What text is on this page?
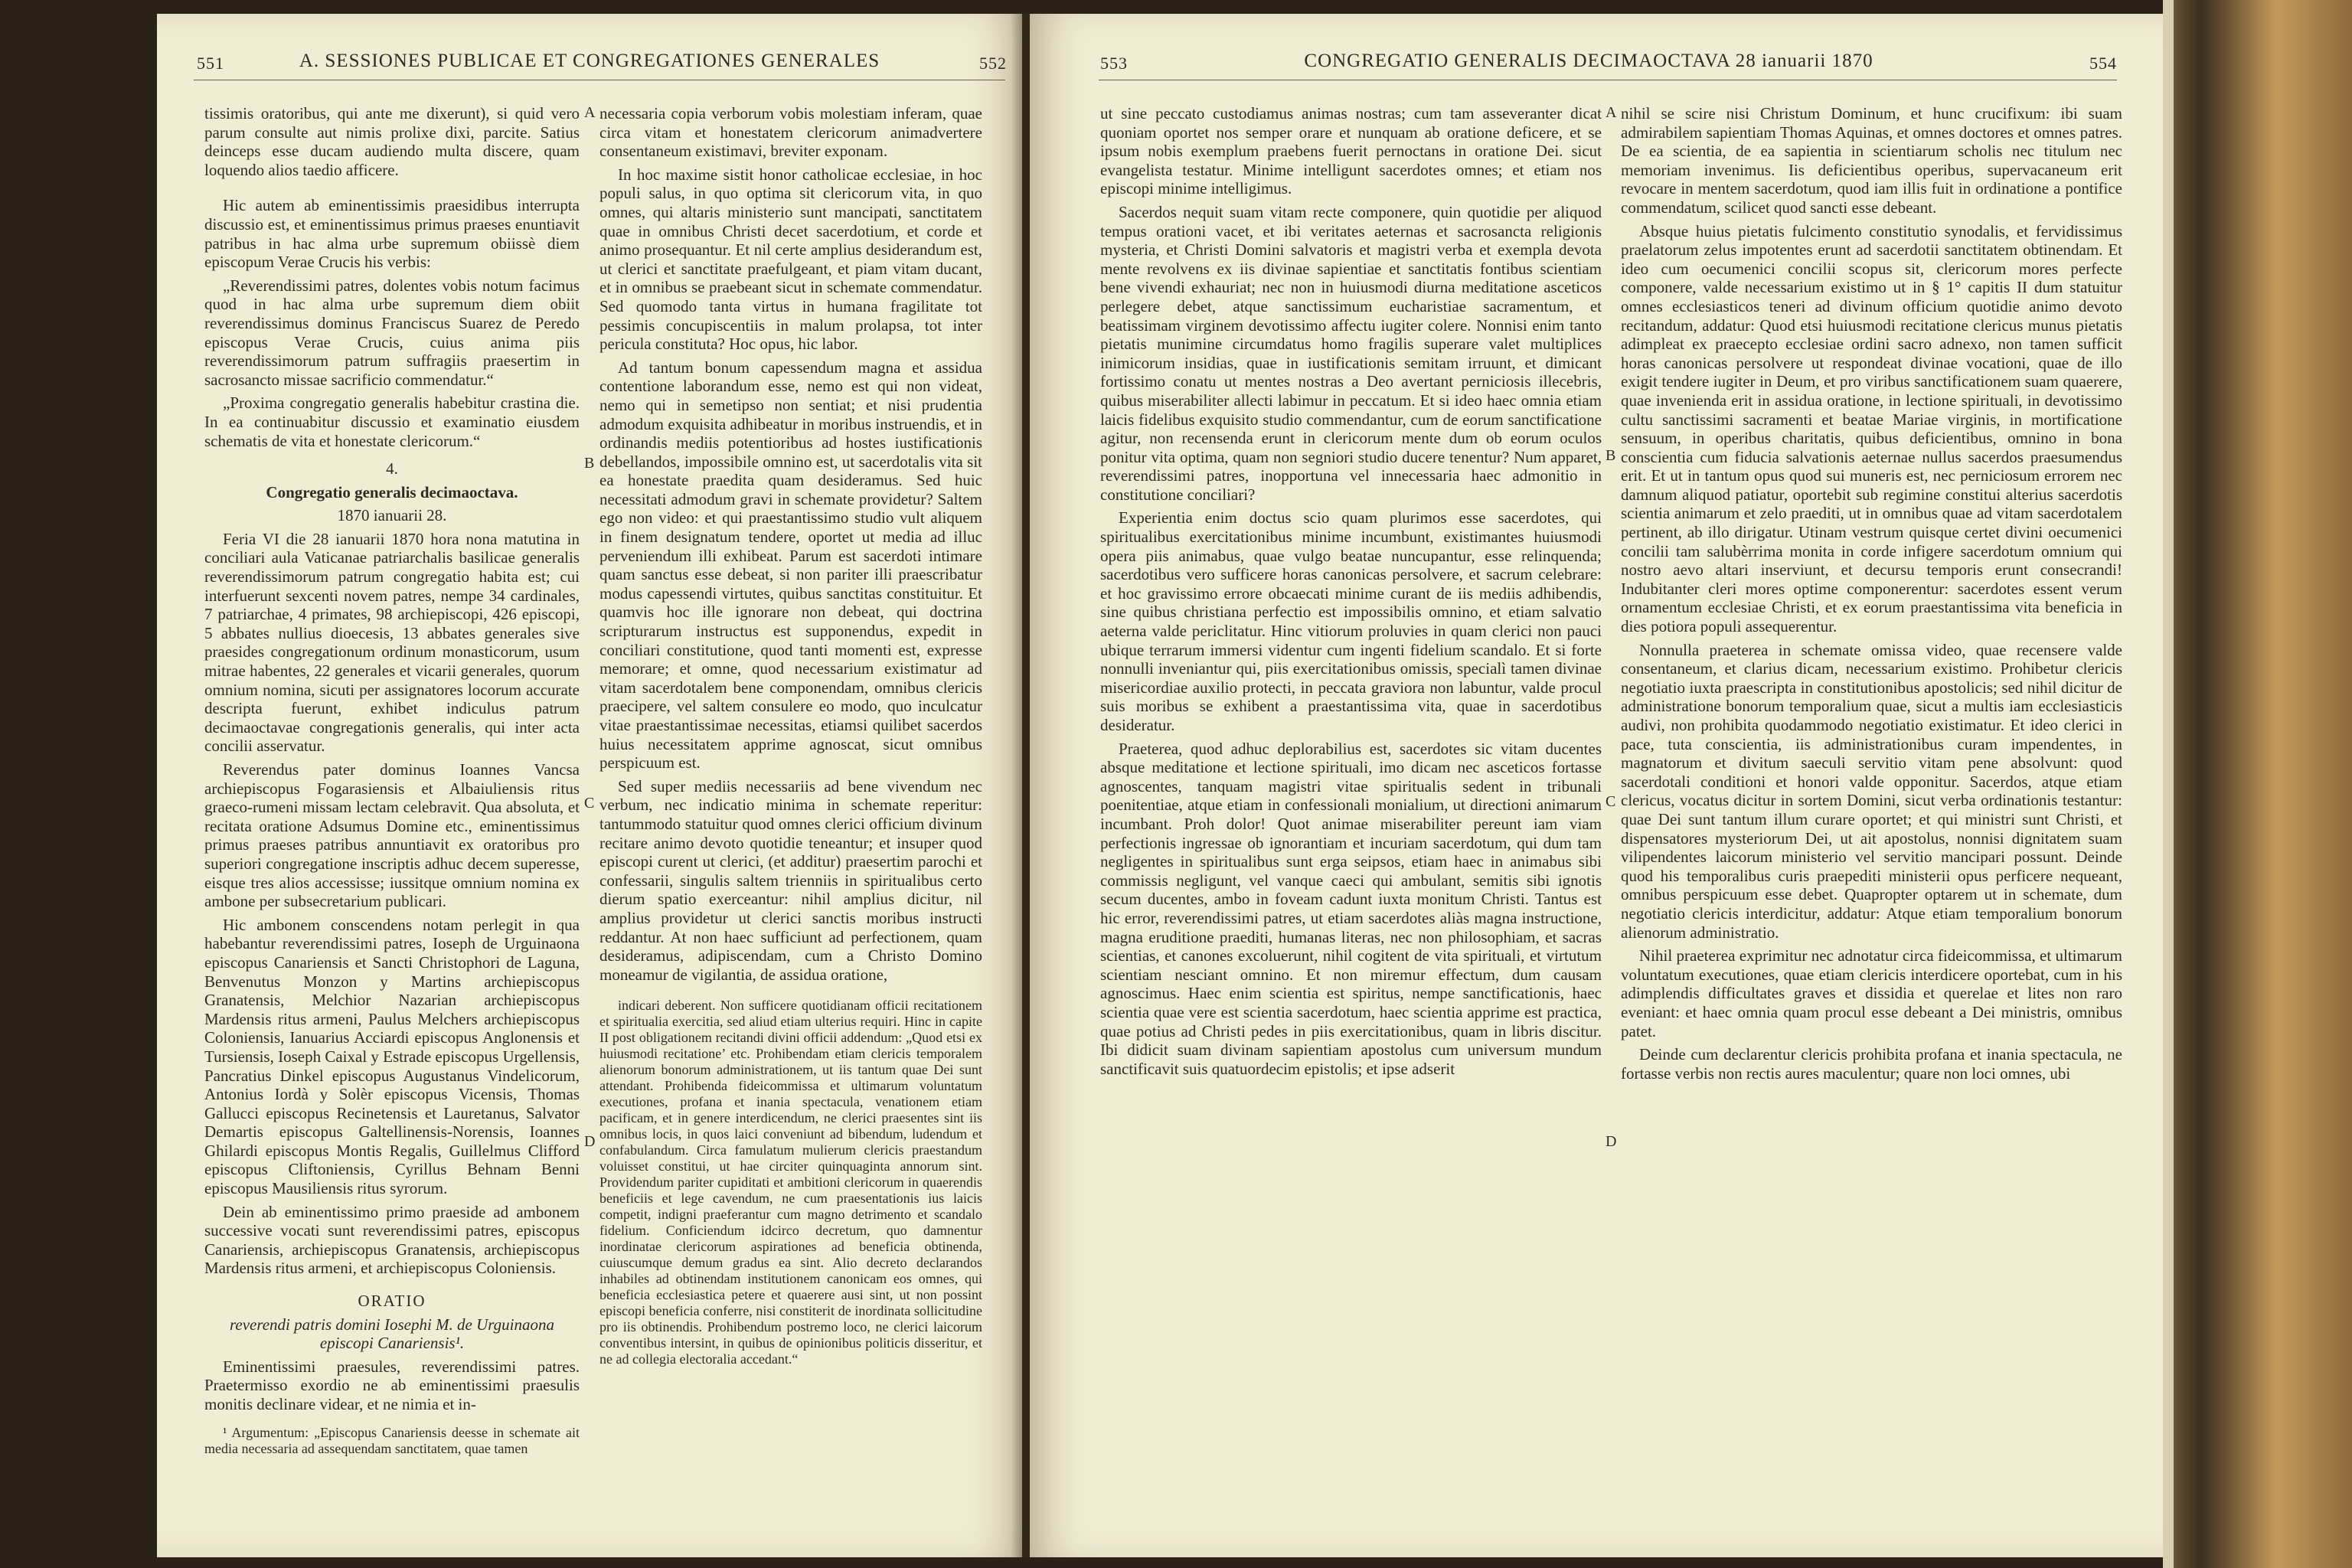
551	A. SESSIONES PUBLICAE ET CONGREGATIONES GENERALES	552

tissimis oratoribus, qui ante me dixerunt), si quid vero parum consulte aut nimis prolixe dixi, parcite. Satius deinceps esse ducam audiendo multa discere, quam loquendo alios taedio afficere.

Hic autem ab eminentissimis praesidibus interrupta discussio est, et eminentissimus primus praeses enuntiavit patribus in hac alma urbe supremum obiissè diem episcopum Verae Crucis his verbis:

„Reverendissimi patres, dolentes vobis notum facimus quod in hac alma urbe supremum diem obiit reverendissimus dominus Franciscus Suarez de Peredo episcopus Verae Crucis, cuius anima piis reverendissimorum patrum suffragiis praesertim in sacrosancto missae sacrificio commendatur.“

„Proxima congregatio generalis habebitur crastina die. In ea continuabitur discussio et examinatio eiusdem schematis de vita et honestate clericorum.“

4.

Congregatio generalis decimaoctava.

1870 ianuarii 28.

Feria VI die 28 ianuarii 1870 hora nona matutina in conciliari aula Vaticanae patriarchalis basilicae generalis reverendissimorum patrum congregatio habita est; cui interfuerunt sexcenti novem patres, nempe 34 cardinales, 7 patriarchae, 4 primates, 98 archiepiscopi, 426 episcopi, 5 abbates nullius dioecesis, 13 abbates generales sive praesides congregationum ordinum monasticorum, usum mitrae habentes, 22 generales et vicarii generales, quorum omnium nomina, sicuti per assignatores locorum accurate descripta fuerunt, exhibet indiculus patrum decimaoctavae congregationis generalis, qui inter acta concilii asservatur.

Reverendus pater dominus Ioannes Vancsa archiepiscopus Fogarasiensis et Albaiuliensis ritus graeco-rumeni missam lectam celebravit. Qua absoluta, et recitata oratione Adsumus Domine etc., eminentissimus primus praeses patribus annuntiavit ex oratoribus pro superiori congregatione inscriptis adhuc decem superesse, eisque tres alios accessisse; iussitque omnium nomina ex ambone per subsecretarium publicari.

Hic ambonem conscendens notam perlegit in qua habebantur reverendissimi patres, Ioseph de Urguinaona episcopus Canariensis et Sancti Christophori de Laguna, Benvenutus Monzon y Martins archiepiscopus Granatensis, Melchior Nazarian archiepiscopus Mardensis ritus armeni, Paulus Melchers archiepiscopus Coloniensis, Ianuarius Acciardi episcopus Anglonensis et Tursiensis, Ioseph Caixal y Estrade episcopus Urgellensis, Pancratius Dinkel episcopus Augustanus Vindelicorum, Antonius Iordà y Solèr episcopus Vicensis, Thomas Gallucci episcopus Recinetensis et Lauretanus, Salvator Demartis episcopus Galtellinensis-Norensis, Ioannes Ghilardi episcopus Montis Regalis, Guillelmus Clifford episcopus Cliftoniensis, Cyrillus Behnam Benni episcopus Mausiliensis ritus syrorum.

Dein ab eminentissimo primo praeside ad ambonem successive vocati sunt reverendissimi patres, episcopus Canariensis, archiepiscopus Granatensis, archiepiscopus Mardensis ritus armeni, et archiepiscopus Coloniensis.

ORATIO

reverendi patris domini Iosephi M. de Urguinaona episcopi Canariensis¹.

Eminentissimi praesules, reverendissimi patres. Praetermisso exordio ne ab eminentissimi praesulis monitis declinare videar, et ne nimia et in-

¹ Argumentum: „Episcopus Canariensis deesse in schemate ait media necessaria ad assequendam sanctitatem, quae tamen

A
B
C
D

necessaria copia verborum vobis molestiam inferam, quae circa vitam et honestatem clericorum animadvertere consentaneum existimavi, breviter exponam.

In hoc maxime sistit honor catholicae ecclesiae, in hoc populi salus, in quo optima sit clericorum vita, in quo omnes, qui altaris ministerio sunt mancipati, sanctitatem quae in omnibus Christi decet sacerdotium, et corde et animo prosequantur. Et nil certe amplius desiderandum est, ut clerici et sanctitate praefulgeant, et piam vitam ducant, et in omnibus se praebeant sicut in schemate commendatur. Sed quomodo tanta virtus in humana fragilitate tot pessimis concupiscentiis in malum prolapsa, tot inter pericula constituta? Hoc opus, hic labor.

Ad tantum bonum capessendum magna et assidua contentione laborandum esse, nemo est qui non videat, nemo qui in semetipso non sentiat; et nisi prudentia admodum exquisita adhibeatur in moribus instruendis, et in ordinandis mediis potentioribus ad hostes iustificationis debellandos, impossibile omnino est, ut sacerdotalis vita sit ea honestate praedita quam desideramus. Sed huic necessitati admodum gravi in schemate providetur? Saltem ego non video: et qui praestantissimo studio vult aliquem in finem designatum tendere, oportet ut media ad illuc perveniendum illi exhibeat. Parum est sacerdoti intimare quam sanctus esse debeat, si non pariter illi praescribatur modus capessendi virtutes, quibus sanctitas constituitur. Et quamvis hoc ille ignorare non debeat, qui doctrina scripturarum instructus est supponendus, expedit in conciliari constitutione, quod tanti momenti est, expresse memorare; et omne, quod necessarium existimatur ad vitam sacerdotalem bene componendam, omnibus clericis praecipere, vel saltem consulere eo modo, quo inculcatur vitae praestantissimae necessitas, etiamsi quilibet sacerdos huius necessitatem apprime agnoscat, sicut omnibus perspicuum est.

Sed super mediis necessariis ad bene vivendum nec verbum, nec indicatio minima in schemate reperitur: tantummodo statuitur quod omnes clerici officium divinum recitare animo devoto quotidie teneantur; et insuper quod episcopi curent ut clerici, (et additur) praesertim parochi et confessarii, singulis saltem trienniis in spiritualibus certo dierum spatio exerceantur: nihil amplius dicitur, nil amplius providetur ut clerici sanctis moribus instructi reddantur. At non haec sufficiunt ad perfectionem, quam desideramus, adipiscendam, cum a Christo Domino moneamur de vigilantia, de assidua oratione,

indicari deberent. Non sufficere quotidianam officii recitationem et spiritualia exercitia, sed aliud etiam ulterius requiri. Hinc in capite II post obligationem recitandi divini officii addendum: „Quod etsi ex huiusmodi recitatione’ etc. Prohibendam etiam clericis temporalem alienorum bonorum administrationem, ut iis tantum quae Dei sunt attendant. Prohibenda fideicommissa et ultimarum voluntatum executiones, profana et inania spectacula, venationem etiam pacificam, et in genere interdicendum, ne clerici praesentes sint iis omnibus locis, in quos laici conveniunt ad bibendum, ludendum et confabulandum. Circa famulatum mulierum clericis praestandum voluisset constitui, ut hae circiter quinquaginta annorum sint. Providendum pariter cupiditati et ambitioni clericorum in quaerendis beneficiis et lege cavendum, ne cum praesentationis ius laicis competit, indigni praeferantur cum magno detrimento et scandalo fidelium. Conficiendum idcirco decretum, quo damnentur inordinatae clericorum aspirationes ad beneficia obtinenda, cuiuscumque demum gradus ea sint. Alio decreto declarandos inhabiles ad obtinendam institutionem canonicam eos omnes, qui beneficia ecclesiastica petere et quaerere ausi sint, ut non possint episcopi beneficia conferre, nisi constiterit de inordinata sollicitudine pro iis obtinendis. Prohibendum postremo loco, ne clerici laicorum conventibus intersint, in quibus de opinionibus politicis disseritur, et ne ad collegia electoralia accedant.“

553	CONGREGATIO GENERALIS DECIMAOCTAVA 28 ianuarii 1870	554

ut sine peccato custodiamus animas nostras; cum tam asseveranter dicat quoniam oportet nos semper orare et nunquam ab oratione deficere, et se ipsum nobis exemplum praebens fuerit pernoctans in oratione Dei. sicut evangelista testatur. Minime intelligunt sacerdotes omnes; et etiam nos episcopi minime intelligimus.

Sacerdos nequit suam vitam recte componere, quin quotidie per aliquod tempus orationi vacet, et ibi veritates aeternas et sacrosancta religionis mysteria, et Christi Domini salvatoris et magistri verba et exempla devota mente revolvens ex iis divinae sapientiae et sanctitatis fontibus scientiam bene vivendi exhauriat; nec non in huiusmodi diurna meditatione asceticos perlegere debet, atque sanctissimum eucharistiae sacramentum, et beatissimam virginem devotissimo affectu iugiter colere. Nonnisi enim tanto pietatis munimine circumdatus homo fragilis superare valet multiplices inimicorum insidias, quae in iustificationis semitam irruunt, et dimicant fortissimo conatu ut mentes nostras a Deo avertant perniciosis illecebris, quibus miserabiliter allecti labimur in peccatum. Et si ideo haec omnia etiam laicis fidelibus exquisito studio commendantur, cum de eorum sanctificatione agitur, non recensenda erunt in clericorum mente dum ob eorum oculos ponitur vita optima, quam non segniori studio ducere tenentur? Num apparet, reverendissimi patres, inopportuna vel innecessaria haec admonitio in constitutione conciliari?

Experientia enim doctus scio quam plurimos esse sacerdotes, qui spiritualibus exercitationibus minime incumbunt, existimantes huiusmodi opera piis animabus, quae vulgo beatae nuncupantur, esse relinquenda; sacerdotibus vero sufficere horas canonicas persolvere, et sacrum celebrare: et hoc gravissimo errore obcaecati minime curant de iis mediis adhibendis, sine quibus christiana perfectio est impossibilis omnino, et etiam salvatio aeterna valde periclitatur. Hinc vitiorum proluvies in quam clerici non pauci ubique terrarum immersi videntur cum ingenti fidelium scandalo. Et si forte nonnulli inveniantur qui, piis exercitationibus omissis, specialì tamen divinae misericordiae auxilio protecti, in peccata graviora non labuntur, valde procul suis moribus se exhibent a praestantissima vita, quae in sacerdotibus desideratur.

Praeterea, quod adhuc deplorabilius est, sacerdotes sic vitam ducentes absque meditatione et lectione spirituali, imo dicam nec asceticos fortasse agnoscentes, tanquam magistri vitae spiritualis sedent in tribunali poenitentiae, atque etiam in confessionali monialium, ut directioni animarum incumbant. Proh dolor! Quot animae miserabiliter pereunt iam viam perfectionis ingressae ob ignorantiam et incuriam sacerdotum, qui dum tam negligentes in spiritualibus sunt erga seipsos, etiam haec in animabus sibi commissis negligunt, vel vanque caeci qui ambulant, semitis sibi ignotis secum ducentes, ambo in foveam cadunt iuxta monitum Christi. Tantus est hic error, reverendissimi patres, ut etiam sacerdotes aliàs magna instructione, magna eruditione praediti, humanas literas, nec non philosophiam, et sacras scientias, et canones excoluerunt, nihil cogitent de vita spirituali, et virtutum scientiam nesciant omnino. Et non miremur effectum, dum causam agnoscimus. Haec enim scientia est spiritus, nempe sanctificationis, haec scientia quae vere est scientia sacerdotum, haec scientia apprime est practica, quae potius ad Christi pedes in piis exercitationibus, quam in libris discitur. Ibi didicit suam divinam sapientiam apostolus cum universum mundum sanctificavit suis quatuordecim epistolis; et ipse adserit

A
B
C
D

nihil se scire nisi Christum Dominum, et hunc crucifixum: ibi suam admirabilem sapientiam Thomas Aquinas, et omnes doctores et omnes patres. De ea scientia, de ea sapientia in scientiarum scholis nec titulum nec memoriam invenimus. Iis deficientibus operibus, supervacaneum erit revocare in mentem sacerdotum, quod iam illis fuit in ordinatione a pontifice commendatum, scilicet quod sancti esse debeant.

Absque huius pietatis fulcimento constitutio synodalis, et fervidissimus praelatorum zelus impotentes erunt ad sacerdotii sanctitatem obtinendam. Et ideo cum oecumenici concilii scopus sit, clericorum mores perfecte componere, valde necessarium existimo ut in § 1° capitis II dum statuitur omnes ecclesiasticos teneri ad divinum officium quotidie animo devoto recitandum, addatur: Quod etsi huiusmodi recitatione clericus munus pietatis adimpleat ex praecepto ecclesiae ordini sacro adnexo, non tamen sufficit horas canonicas persolvere ut respondeat divinae vocationi, quae de illo exigit tendere iugiter in Deum, et pro viribus sanctificationem suam quaerere, quae invenienda erit in assidua oratione, in lectione spirituali, in devotissimo cultu sanctissimi sacramenti et beatae Mariae virginis, in mortificatione sensuum, in operibus charitatis, quibus deficientibus, omnino in bona conscientia cum fiducia salvationis aeternae nullus sacerdos praesumendus erit. Et ut in tantum opus quod sui muneris est, nec perniciosum errorem nec damnum aliquod patiatur, oportebit sub regimine constitui alterius sacerdotis scientia animarum et zelo praediti, ut in omnibus quae ad vitam sacerdotalem pertinent, ab illo dirigatur. Utinam vestrum quisque certet divini oecumenici concilii tam salubèrrima monita in corde infigere sacerdotum omnium qui nostro aevo altari inserviunt, et decursu temporis erunt consecrandi! Indubitanter cleri mores optime componerentur: sacerdotes essent verum ornamentum ecclesiae Christi, et ex eorum praestantissima vita beneficia in dies potiora populi assequerentur.

Nonnulla praeterea in schemate omissa video, quae recensere valde consentaneum, et clarius dicam, necessarium existimo. Prohibetur clericis negotiatio iuxta praescripta in constitutionibus apostolicis; sed nihil dicitur de administratione bonorum temporalium quae, sicut a multis iam ecclesiasticis audivi, non prohibita quodammodo negotiatio existimatur. Et ideo clerici in pace, tuta conscientia, iis administrationibus curam impendentes, in magnatorum et divitum saeculi servitio vitam pene absolvunt: quod sacerdotali conditioni et honori valde opponitur. Sacerdos, atque etiam clericus, vocatus dicitur in sortem Domini, sicut verba ordinationis testantur: quae Dei sunt tantum illum curare oportet; et qui ministri sunt Christi, et dispensatores mysteriorum Dei, ut ait apostolus, nonnisi dignitatem suam vilipendentes laicorum ministerio vel servitio mancipari possunt. Deinde quod his temporalibus curis praepediti ministerii opus perficere nequeant, omnibus perspicuum esse debet. Quapropter optarem ut in schemate, dum negotiatio clericis interdicitur, addatur: Atque etiam temporalium bonorum alienorum administratio.

Nihil praeterea exprimitur nec adnotatur circa fideicommissa, et ultimarum voluntatum executiones, quae etiam clericis interdicere oportebat, cum in his adimplendis difficultates graves et dissidia et querelae et lites non raro eveniant: et haec omnia quam procul esse debeant a Dei ministris, omnibus patet.

Deinde cum declarentur clericis prohibita profana et inania spectacula, ne fortasse verbis non rectis aures maculentur; quare non loci omnes, ubi
